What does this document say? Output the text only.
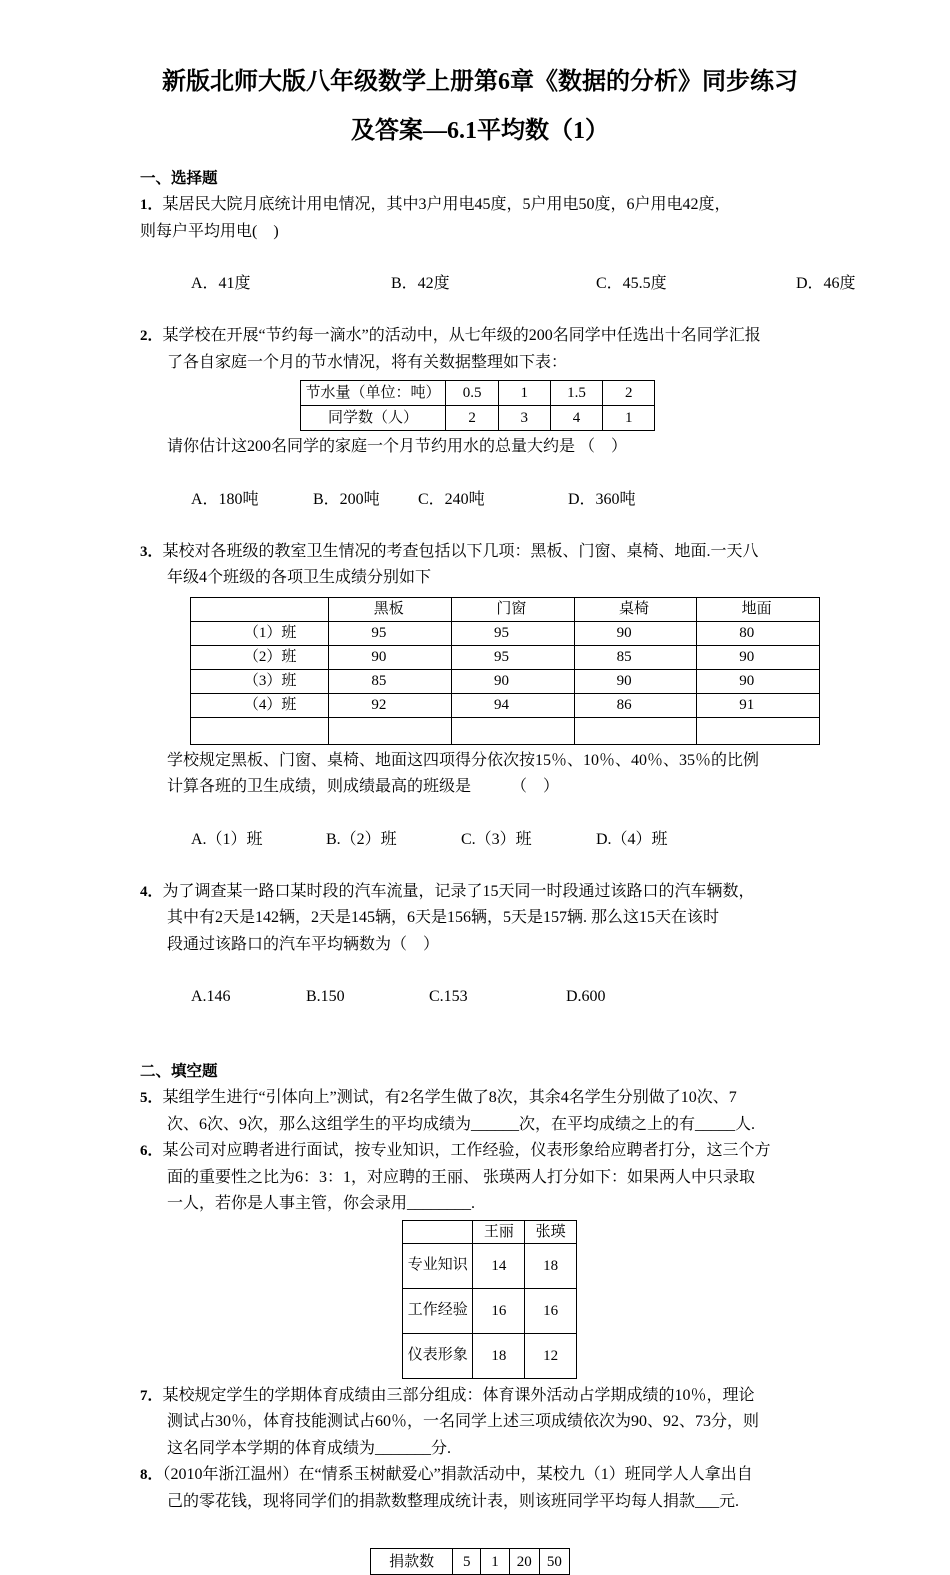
新版北师大版八年级数学上册第6章《数据的分析》同步练习
及答案—6.1平均数（1）
一、选择题
1．某居民大院月底统计用电情况，其中3户用电45度，5户用电50度，6户用电42度，
则每户平均用电(　)

A．41度	B．42度	C．45.5度	D．46度

2．某学校在开展“节约每一滴水”的活动中，从七年级的200名同学中任选出十名同学汇报
了各自家庭一个月的节水情况，将有关数据整理如下表：
节水量（单位：吨）	0.5	1	1.5	2
同学数（人）	2	3	4	1
请你估计这200名同学的家庭一个月节约用水的总量大约是 （　）

A．180吨	B．200吨 C．240吨	D．360吨

3．某校对各班级的教室卫生情况的考查包括以下几项：黑板、门窗、桌椅、地面.一天八
年级4个班级的各项卫生成绩分别如下
	黑板	门窗	桌椅	地面
（1）班	95	95	90	80
（2）班	90	95	85	90
（3）班	85	90	90	90
（4）班	92	94	86	91

学校规定黑板、门窗、桌椅、地面这四项得分依次按15％、10％、40％、35％的比例
计算各班的卫生成绩，则成绩最高的班级是　　　（　）

A.（1）班	B.（2）班	C.（3）班	D.（4）班

4．为了调查某一路口某时段的汽车流量，记录了15天同一时段通过该路口的汽车辆数，
其中有2天是142辆，2天是145辆，6天是156辆，5天是157辆. 那么这15天在该时
段通过该路口的汽车平均辆数为（　）

A.146	B.150	C.153	D.600

二、填空题
5．某组学生进行“引体向上”测试，有2名学生做了8次，其余4名学生分别做了10次、7
次、6次、9次，那么这组学生的平均成绩为______次，在平均成绩之上的有_____人.
6．某公司对应聘者进行面试，按专业知识，工作经验，仪表形象给应聘者打分，这三个方
面的重要性之比为6：3：1，对应聘的王丽、 张瑛两人打分如下：如果两人中只录取
一人，若你是人事主管，你会录用________.
	王丽	张瑛
专业知识	14	18
工作经验	16	16
仪表形象	18	12
7．某校规定学生的学期体育成绩由三部分组成：体育课外活动占学期成绩的10％，理论
测试占30％，体育技能测试占60％，一名同学上述三项成绩依次为90、92、73分，则
这名同学本学期的体育成绩为_______分.
8．（2010年浙江温州）在“情系玉树献爱心”捐款活动中，某校九（1）班同学人人拿出自
己的零花钱，现将同学们的捐款数整理成统计表，则该班同学平均每人捐款___元.
捐款数	5	1	20	50
